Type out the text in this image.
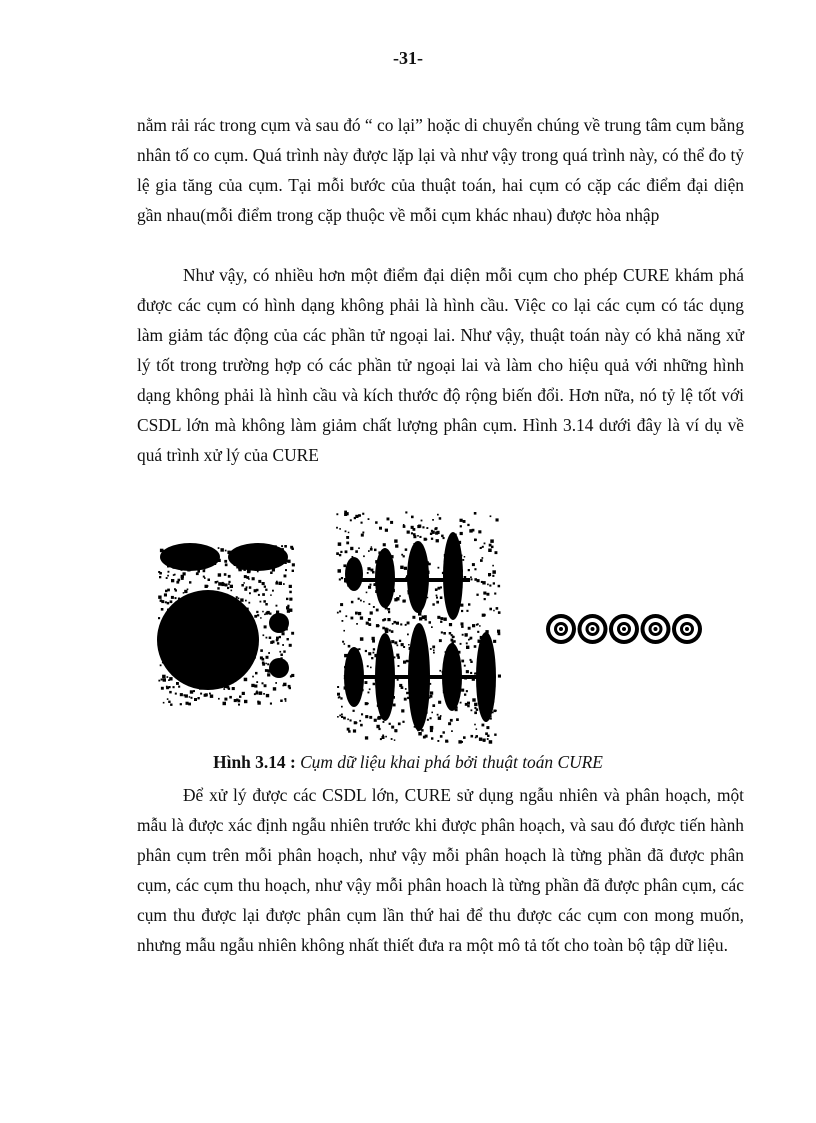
-31-

nằm rải rác trong cụm và sau đó “ co lại” hoặc di chuyển chúng về trung tâm cụm bằng nhân tố co cụm. Quá trình này được lặp lại và như vậy trong quá trình này, có thể đo tỷ lệ gia tăng của cụm. Tại mỗi bước của thuật toán, hai cụm có cặp các điểm đại diện gần nhau(mỗi điểm trong cặp thuộc về mỗi cụm khác nhau) được hòa nhập

Như vậy, có nhiều hơn một điểm đại diện mỗi cụm cho phép CURE khám phá được các cụm có hình dạng không phải là hình cầu. Việc co lại các cụm có tác dụng làm giảm tác động của các phần tử ngoại lai. Như vậy, thuật toán này có khả năng xử lý tốt trong trường hợp có các phần tử ngoại lai và làm cho hiệu quả với những hình dạng không phải là hình cầu và kích thước độ rộng biến đổi. Hơn nữa, nó tỷ lệ tốt với CSDL lớn mà không làm giảm chất lượng phân cụm. Hình 3.14 dưới đây là ví dụ về quá trình xử lý của CURE

Hình 3.14 : Cụm dữ liệu khai phá bởi thuật toán CURE

Để xử lý được các CSDL lớn, CURE sử dụng ngẫu nhiên và phân hoạch, một mẫu là được xác định ngẫu nhiên trước khi được phân hoạch, và sau đó được tiến hành phân cụm trên mỗi phân hoạch, như vậy mỗi phân hoạch là từng phần đã được phân cụm, các cụm thu hoạch, như vậy mỗi phân hoach là từng phần đã được phân cụm, các cụm thu được lại được phân cụm lần thứ hai để thu được các cụm con mong muốn, nhưng mẫu ngẫu nhiên không nhất thiết đưa ra một mô tả tốt cho toàn bộ tập dữ liệu.
